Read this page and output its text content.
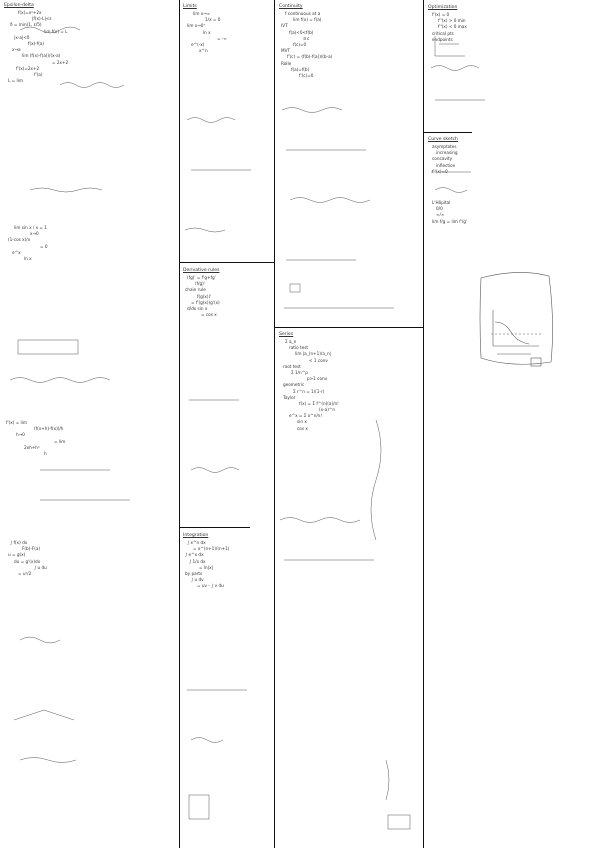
Epsilon-delta
f(x)=x²+2x
|f(x)-L|<ε
δ = min(1, ε/5)
lim f(x) = L
|x-a|<δ
f(x)-f(a)
x→a
lim (f(x)-f(a))/(x-a)
= 2x+2
f'(x)=2x+2
f'(a)
L = lim
lim sin x / x = 1
x→0
(1-cos x)/x
= 0
e^x
ln x
f'(x) = lim
(f(x+h)-f(x))/h
h→0
= lim
2xh+h²
h
∫ f(x) dx
F(b)-F(a)
u = g(x)
du = g'(x)dx
∫ u du
= u²/2
Limits
lim x→∞
1/x = 0
lim x→0⁺
ln x
= -∞
e^(-x)
x^n
Derivative rules
(fg)' = f'g+fg'
(f/g)'
chain rule
f(g(x))'
= f'(g(x))g'(x)
d/dx sin x
= cos x
Integration
∫ x^n dx
= x^(n+1)/(n+1)
∫ e^x dx
∫ 1/x dx
= ln|x|
by parts
∫ u dv
= uv - ∫ v du
Continuity
f continuous at a
lim f(x) = f(a)
IVT
f(a)<0<f(b)
∃ c
f(c)=0
MVT
f'(c) = (f(b)-f(a))/(b-a)
Rolle
f(a)=f(b)
f'(c)=0
Series
Σ a_n
ratio test
lim |a_(n+1)/a_n|
< 1 conv
root test
Σ 1/n^p
p>1 conv
geometric
Σ r^n = 1/(1-r)
Taylor
f(x) = Σ f^(n)(a)/n!
(x-a)^n
e^x = Σ x^n/n!
sin x
cos x
Optimization
f'(x) = 0
f''(x) > 0 min
f''(x) < 0 max
critical pts
endpoints
Curve sketch
asymptotes
increasing
concavity
inflection
f''(x)=0
L'Hôpital
0/0
∞/∞
lim f/g = lim f'/g'
